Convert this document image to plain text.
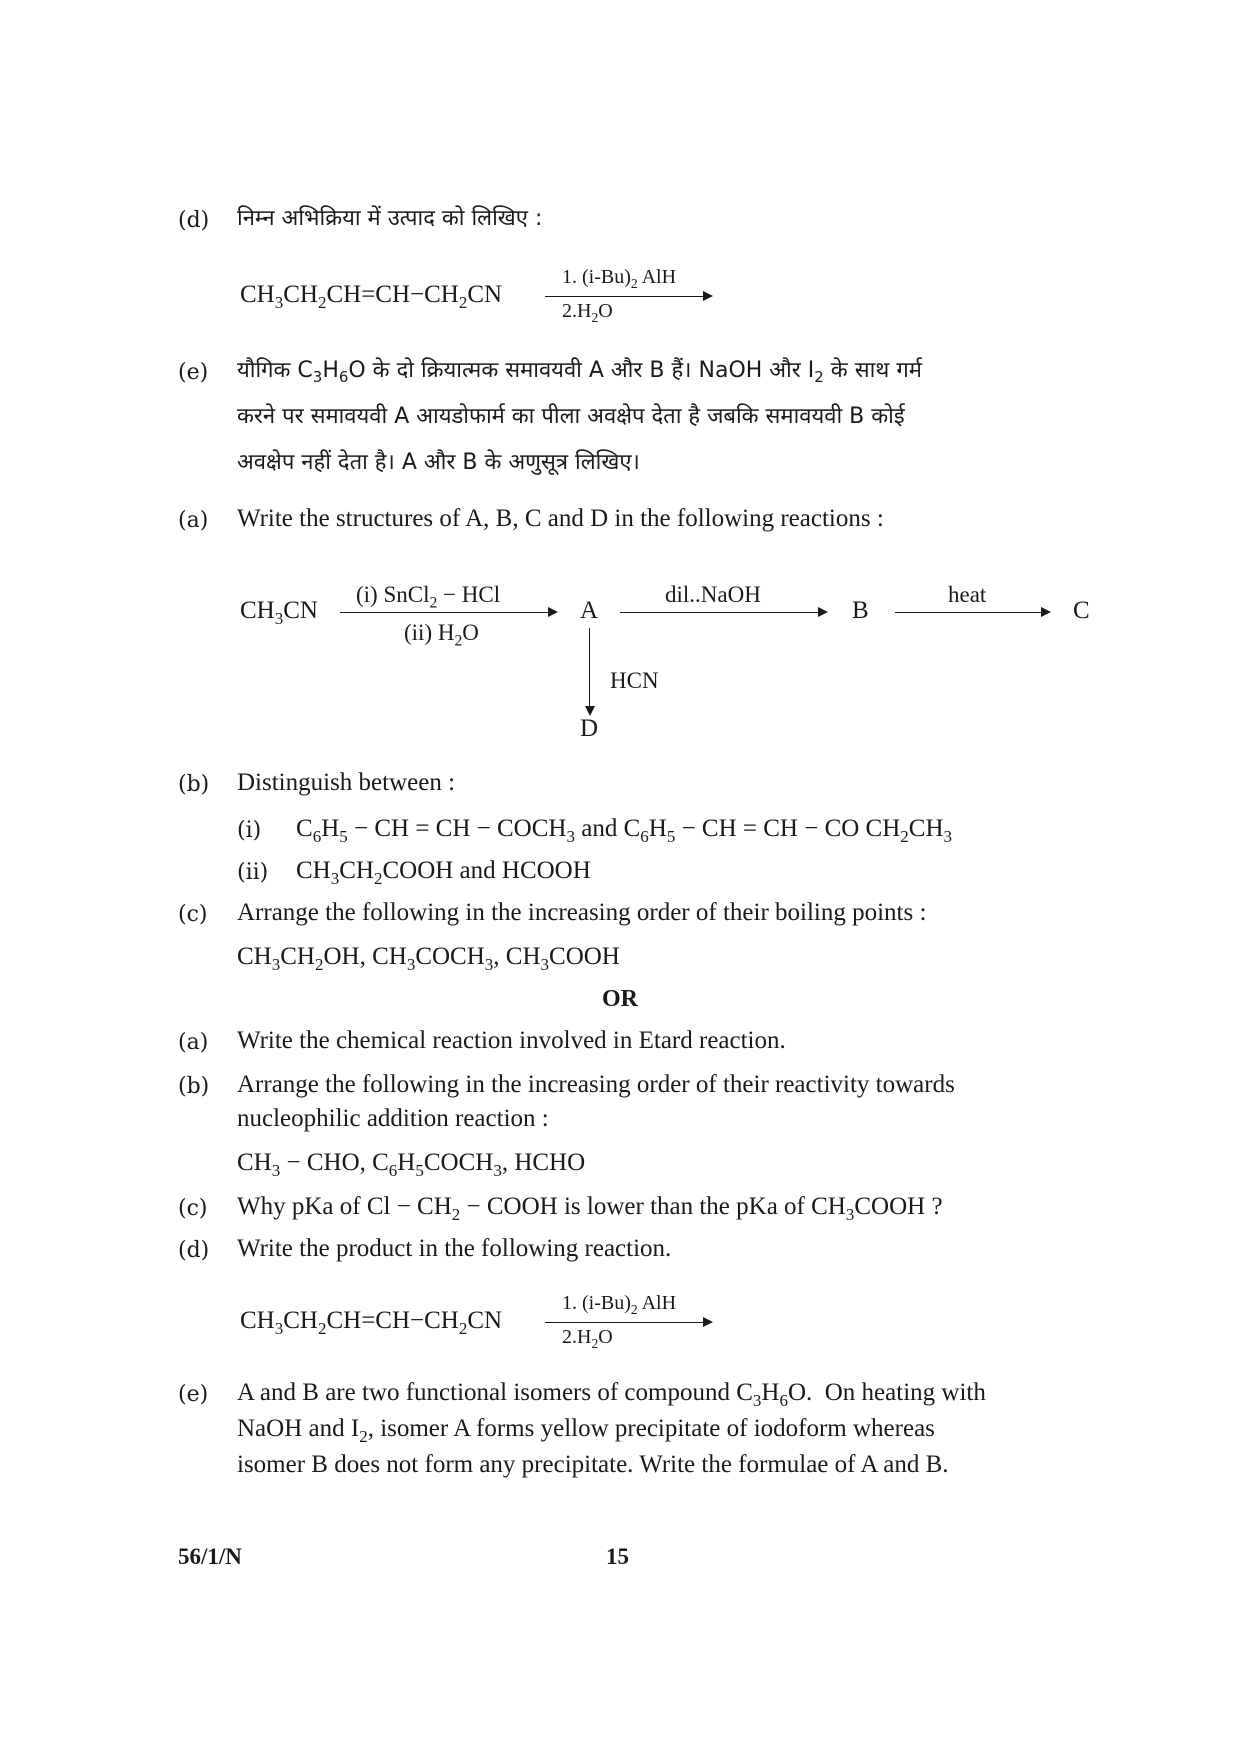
(d) निम्न अभिक्रिया में उत्पाद को लिखिए :
$CH_3CH_2CH=CH-CH_2CN$
1. $(i-Bu)_2$ AlH
$2.H_2O$
(e) यौगिक $C_3H_6O$ के दो क्रियात्मक समावयवी A और B हैं। NaOH और $I_2$ के साथ गर्म
करने पर समावयवी A आयडोफार्म का पीला अवक्षेप देता है जबकि समावयवी B कोई
अवक्षेप नहीं देता है। A और B के अणुसूत्र लिखिए।
(a) Write the structures of A, B, C and D in the following reactions :
$CH_3CN$
(i) SnCl$_2$ − HCl
(ii) $H_2O$
A
dil..NaOH
B
heat
C
HCN
D
(b) Distinguish between :
(i) $C_6H_5$ − CH = CH − $COCH_3$ and $C_6H_5$ − CH = CH − CO $CH_2CH_3$
(ii) $CH_3CH_2COOH$ and HCOOH
(c) Arrange the following in the increasing order of their boiling points :
$CH_3CH_2OH$, $CH_3COCH_3$, $CH_3COOH$
OR
(a) Write the chemical reaction involved in Etard reaction.
(b) Arrange the following in the increasing order of their reactivity towards
nucleophilic addition reaction :
$CH_3$ − CHO, $C_6H_5COCH_3$, HCHO
(c) Why pKa of $Cl - CH_2$ − COOH is lower than the pKa of $CH_3COOH$ ?
(d) Write the product in the following reaction.
$CH_3CH_2CH=CH-CH_2CN$
1. $(i-Bu)_2$ AlH
$2.H_2O$
(e) A and B are two functional isomers of compound $C_3H_6O$.  On heating with
NaOH and $I_2$, isomer A forms yellow precipitate of iodoform whereas
isomer B does not form any precipitate. Write the formulae of A and B.
56/1/N	15
